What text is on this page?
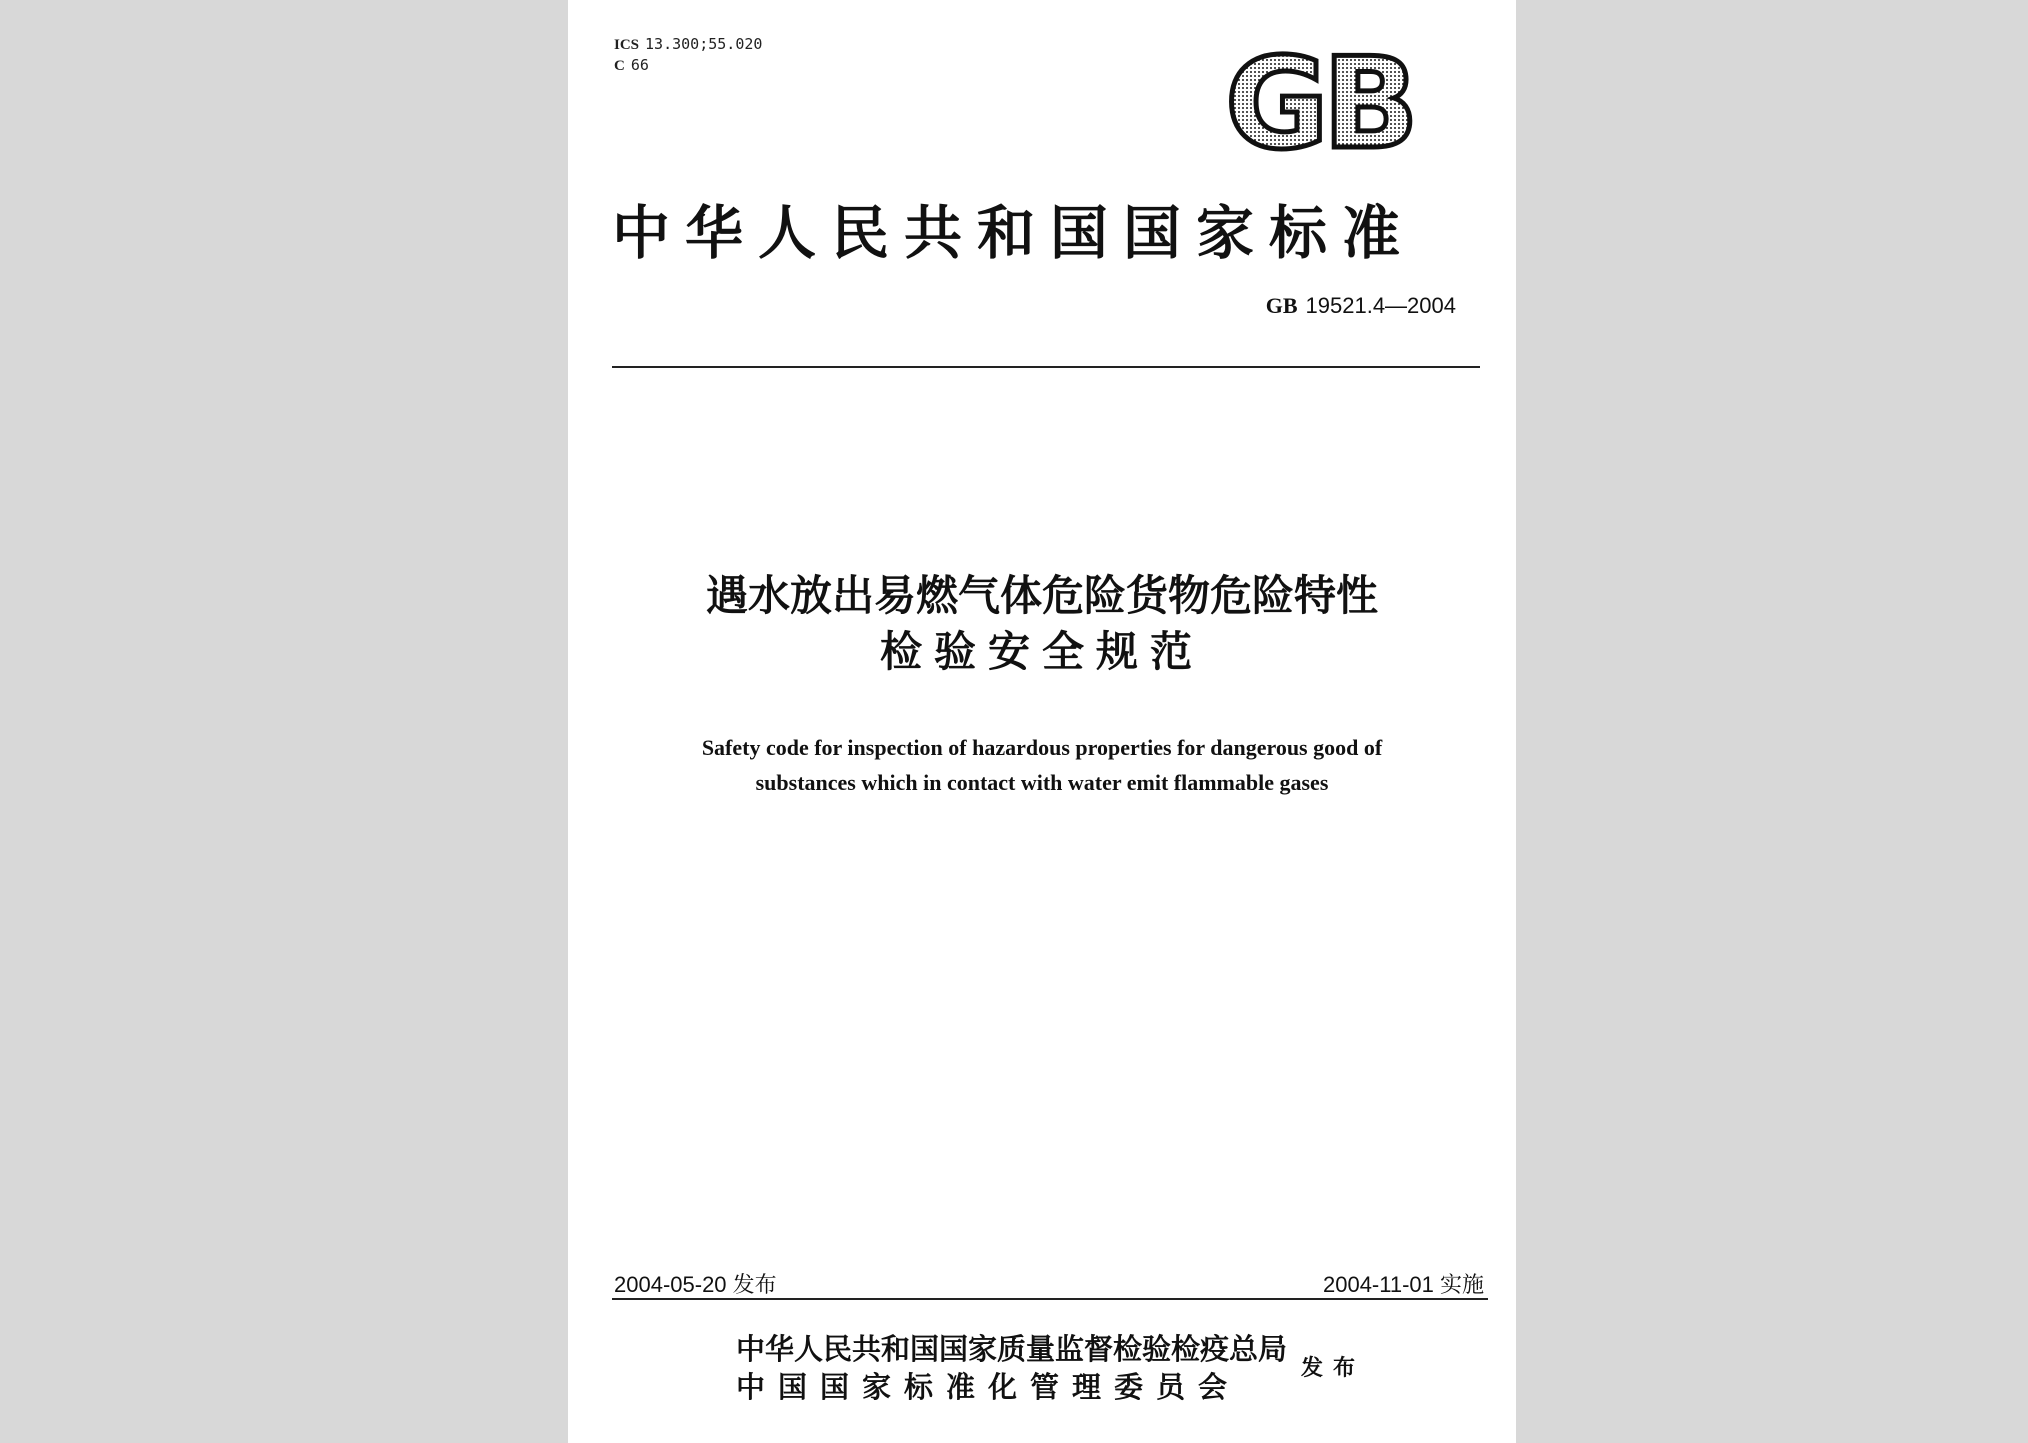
ICS 13.300;55.020
C 66	GB
中华人民共和国国家标准
GB 19521.4—2004
遇水放出易燃气体危险货物危险特性
检验安全规范
Safety code for inspection of hazardous properties for dangerous good of
substances which in contact with water emit flammable gases
2004-05-20 发布	2004-11-01 实施
中华人民共和国国家质量监督检验检疫总局
中国国家标准化管理委员会
发布
